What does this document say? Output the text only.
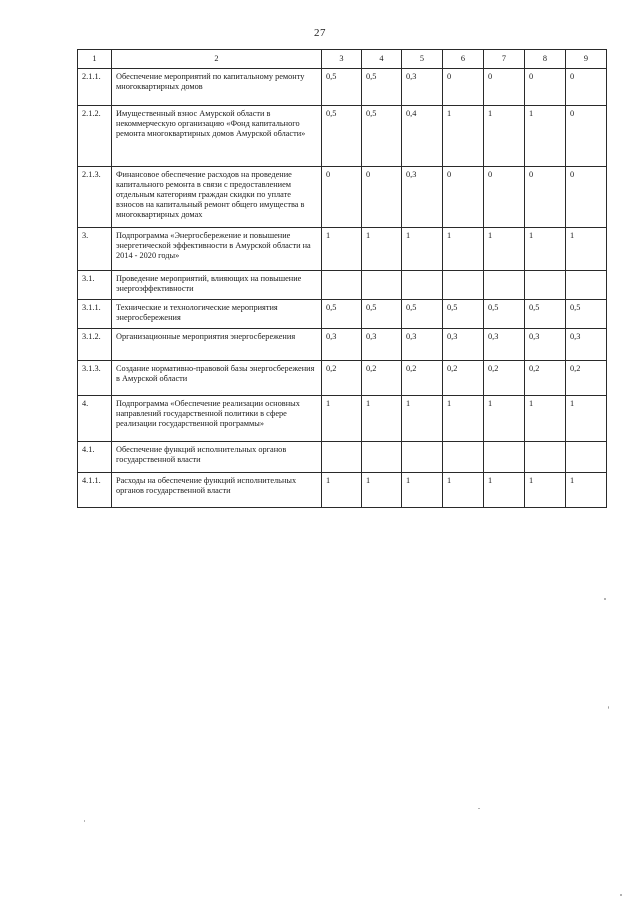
27
1	2	3	4	5	6	7	8	9
2.1.1.	Обеспечение мероприятий по капитальному ремонту многоквартирных домов	0,5	0,5	0,3	0	0	0	0
2.1.2.	Имущественный взнос Амурской области в некоммерческую организацию «Фонд капитального ремонта многоквартирных домов Амурской области»	0,5	0,5	0,4	1	1	1	0
2.1.3.	Финансовое обеспечение расходов на проведение капитального ремонта в связи с предоставлением отдельным категориям граждан скидки по уплате взносов на капитальный ремонт общего имущества в многоквартирных домах	0	0	0,3	0	0	0	0
3.	Подпрограмма «Энергосбережение и повышение энергетической эффективности в Амурской области на 2014 - 2020 годы»	1	1	1	1	1	1	1
3.1.	Проведение мероприятий, влияющих на повышение энергоэффективности							
3.1.1.	Технические и технологические мероприятия энергосбережения	0,5	0,5	0,5	0,5	0,5	0,5	0,5
3.1.2.	Организационные мероприятия энергосбережения	0,3	0,3	0,3	0,3	0,3	0,3	0,3
3.1.3.	Создание нормативно-правовой базы энергосбережения в Амурской области	0,2	0,2	0,2	0,2	0,2	0,2	0,2
4.	Подпрограмма «Обеспечение реализации основных направлений государственной политики в сфере реализации государственной программы»	1	1	1	1	1	1	1
4.1.	Обеспечение функций исполнительных органов государственной власти							
4.1.1.	Расходы на обеспечение функций исполнительных органов государственной власти	1	1	1	1	1	1	1
